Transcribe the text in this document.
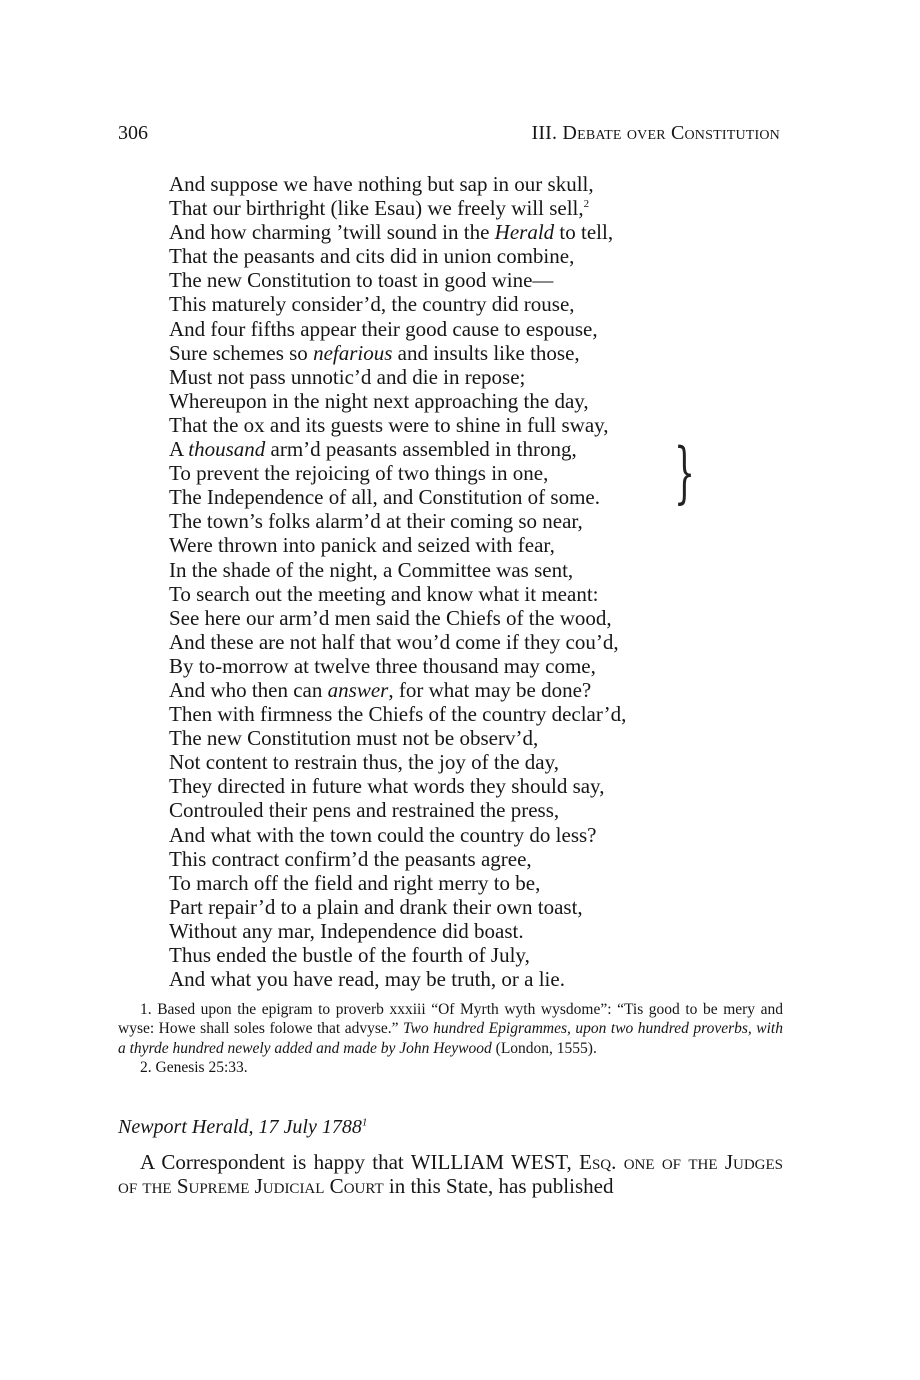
306	III. Debate over Constitution
And suppose we have nothing but sap in our skull,
That our birthright (like Esau) we freely will sell,$^2$
And how charming ’twill sound in the Herald to tell,
That the peasants and cits did in union combine,
The new Constitution to toast in good wine—
This maturely consider’d, the country did rouse,
And four fifths appear their good cause to espouse,
Sure schemes so nefarious and insults like those,
Must not pass unnotic’d and die in repose;
Whereupon in the night next approaching the day,
That the ox and its guests were to shine in full sway,
A thousand arm’d peasants assembled in throng,
To prevent the rejoicing of two things in one,
The Independence of all, and Constitution of some.
The town’s folks alarm’d at their coming so near,
Were thrown into panick and seized with fear,
In the shade of the night, a Committee was sent,
To search out the meeting and know what it meant:
See here our arm’d men said the Chiefs of the wood,
And these are not half that wou’d come if they cou’d,
By to-morrow at twelve three thousand may come,
And who then can answer, for what may be done?
Then with firmness the Chiefs of the country declar’d,
The new Constitution must not be observ’d,
Not content to restrain thus, the joy of the day,
They directed in future what words they should say,
Controuled their pens and restrained the press,
And what with the town could the country do less?
This contract confirm’d the peasants agree,
To march off the field and right merry to be,
Part repair’d to a plain and drank their own toast,
Without any mar, Independence did boast.
Thus ended the bustle of the fourth of July,
And what you have read, may be truth, or a lie.
}

1. Based upon the epigram to proverb xxxiii “Of Myrth wyth wysdome”: “Tis good to be mery and wyse: Howe shall soles folowe that advyse.” Two hundred Epigrammes, upon two hundred proverbs, with a thyrde hundred newely added and made by John Heywood (London, 1555).

2. Genesis 25:33.

Newport Herald, 17 July 1788$^1$
A Correspondent is happy that WILLIAM WEST, Esq. one of the Judges of the Supreme Judicial Court in this State, has published
